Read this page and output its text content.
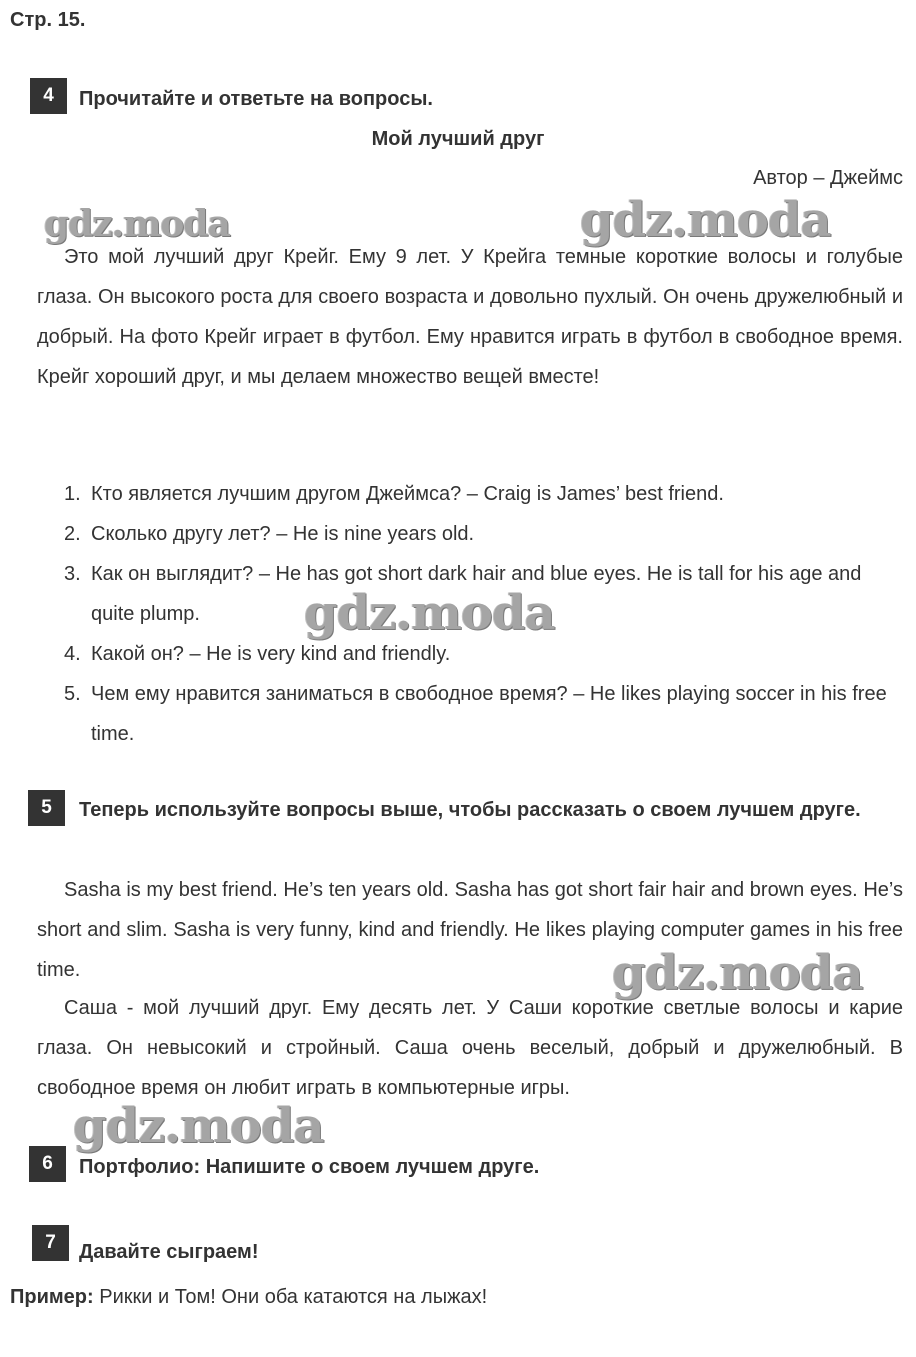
Стр. 15.
4	Прочитайте и ответьте на вопросы.
Мой лучший друг
Автор – Джеймс

Это мой лучший друг Крейг. Ему 9 лет. У Крейга темные короткие волосы и голубые глаза. Он высокого роста для своего возраста и довольно пухлый. Он очень дружелюбный и добрый. На фото Крейг играет в футбол. Ему нравится играть в футбол в свободное время. Крейг хороший друг, и мы делаем множество вещей вместе!

1. Кто является лучшим другом Джеймса? – Craig is James’ best friend.
2. Сколько другу лет? – He is nine years old.
3. Как он выглядит? – He has got short dark hair and blue eyes. He is tall for his age and quite plump.
4. Какой он? – He is very kind and friendly.
5. Чем ему нравится заниматься в свободное время? – He likes playing soccer in his free time.
5	Теперь используйте вопросы выше, чтобы рассказать о своем лучшем друге.

Sasha is my best friend. He’s ten years old. Sasha has got short fair hair and brown eyes. He’s short and slim. Sasha is very funny, kind and friendly. He likes playing computer games in his free time.

Саша - мой лучший друг. Ему десять лет. У Саши короткие светлые волосы и карие глаза. Он невысокий и стройный. Саша очень веселый, добрый и дружелюбный. В свободное время он любит играть в компьютерные игры.

6	Портфолио: Напишите о своем лучшем друге.
7	Давайте сыграем!
Пример: Рикки и Том! Они оба катаются на лыжах!
gdz.moda	gdz.moda
gdz.moda
gdz.moda
gdz.moda
